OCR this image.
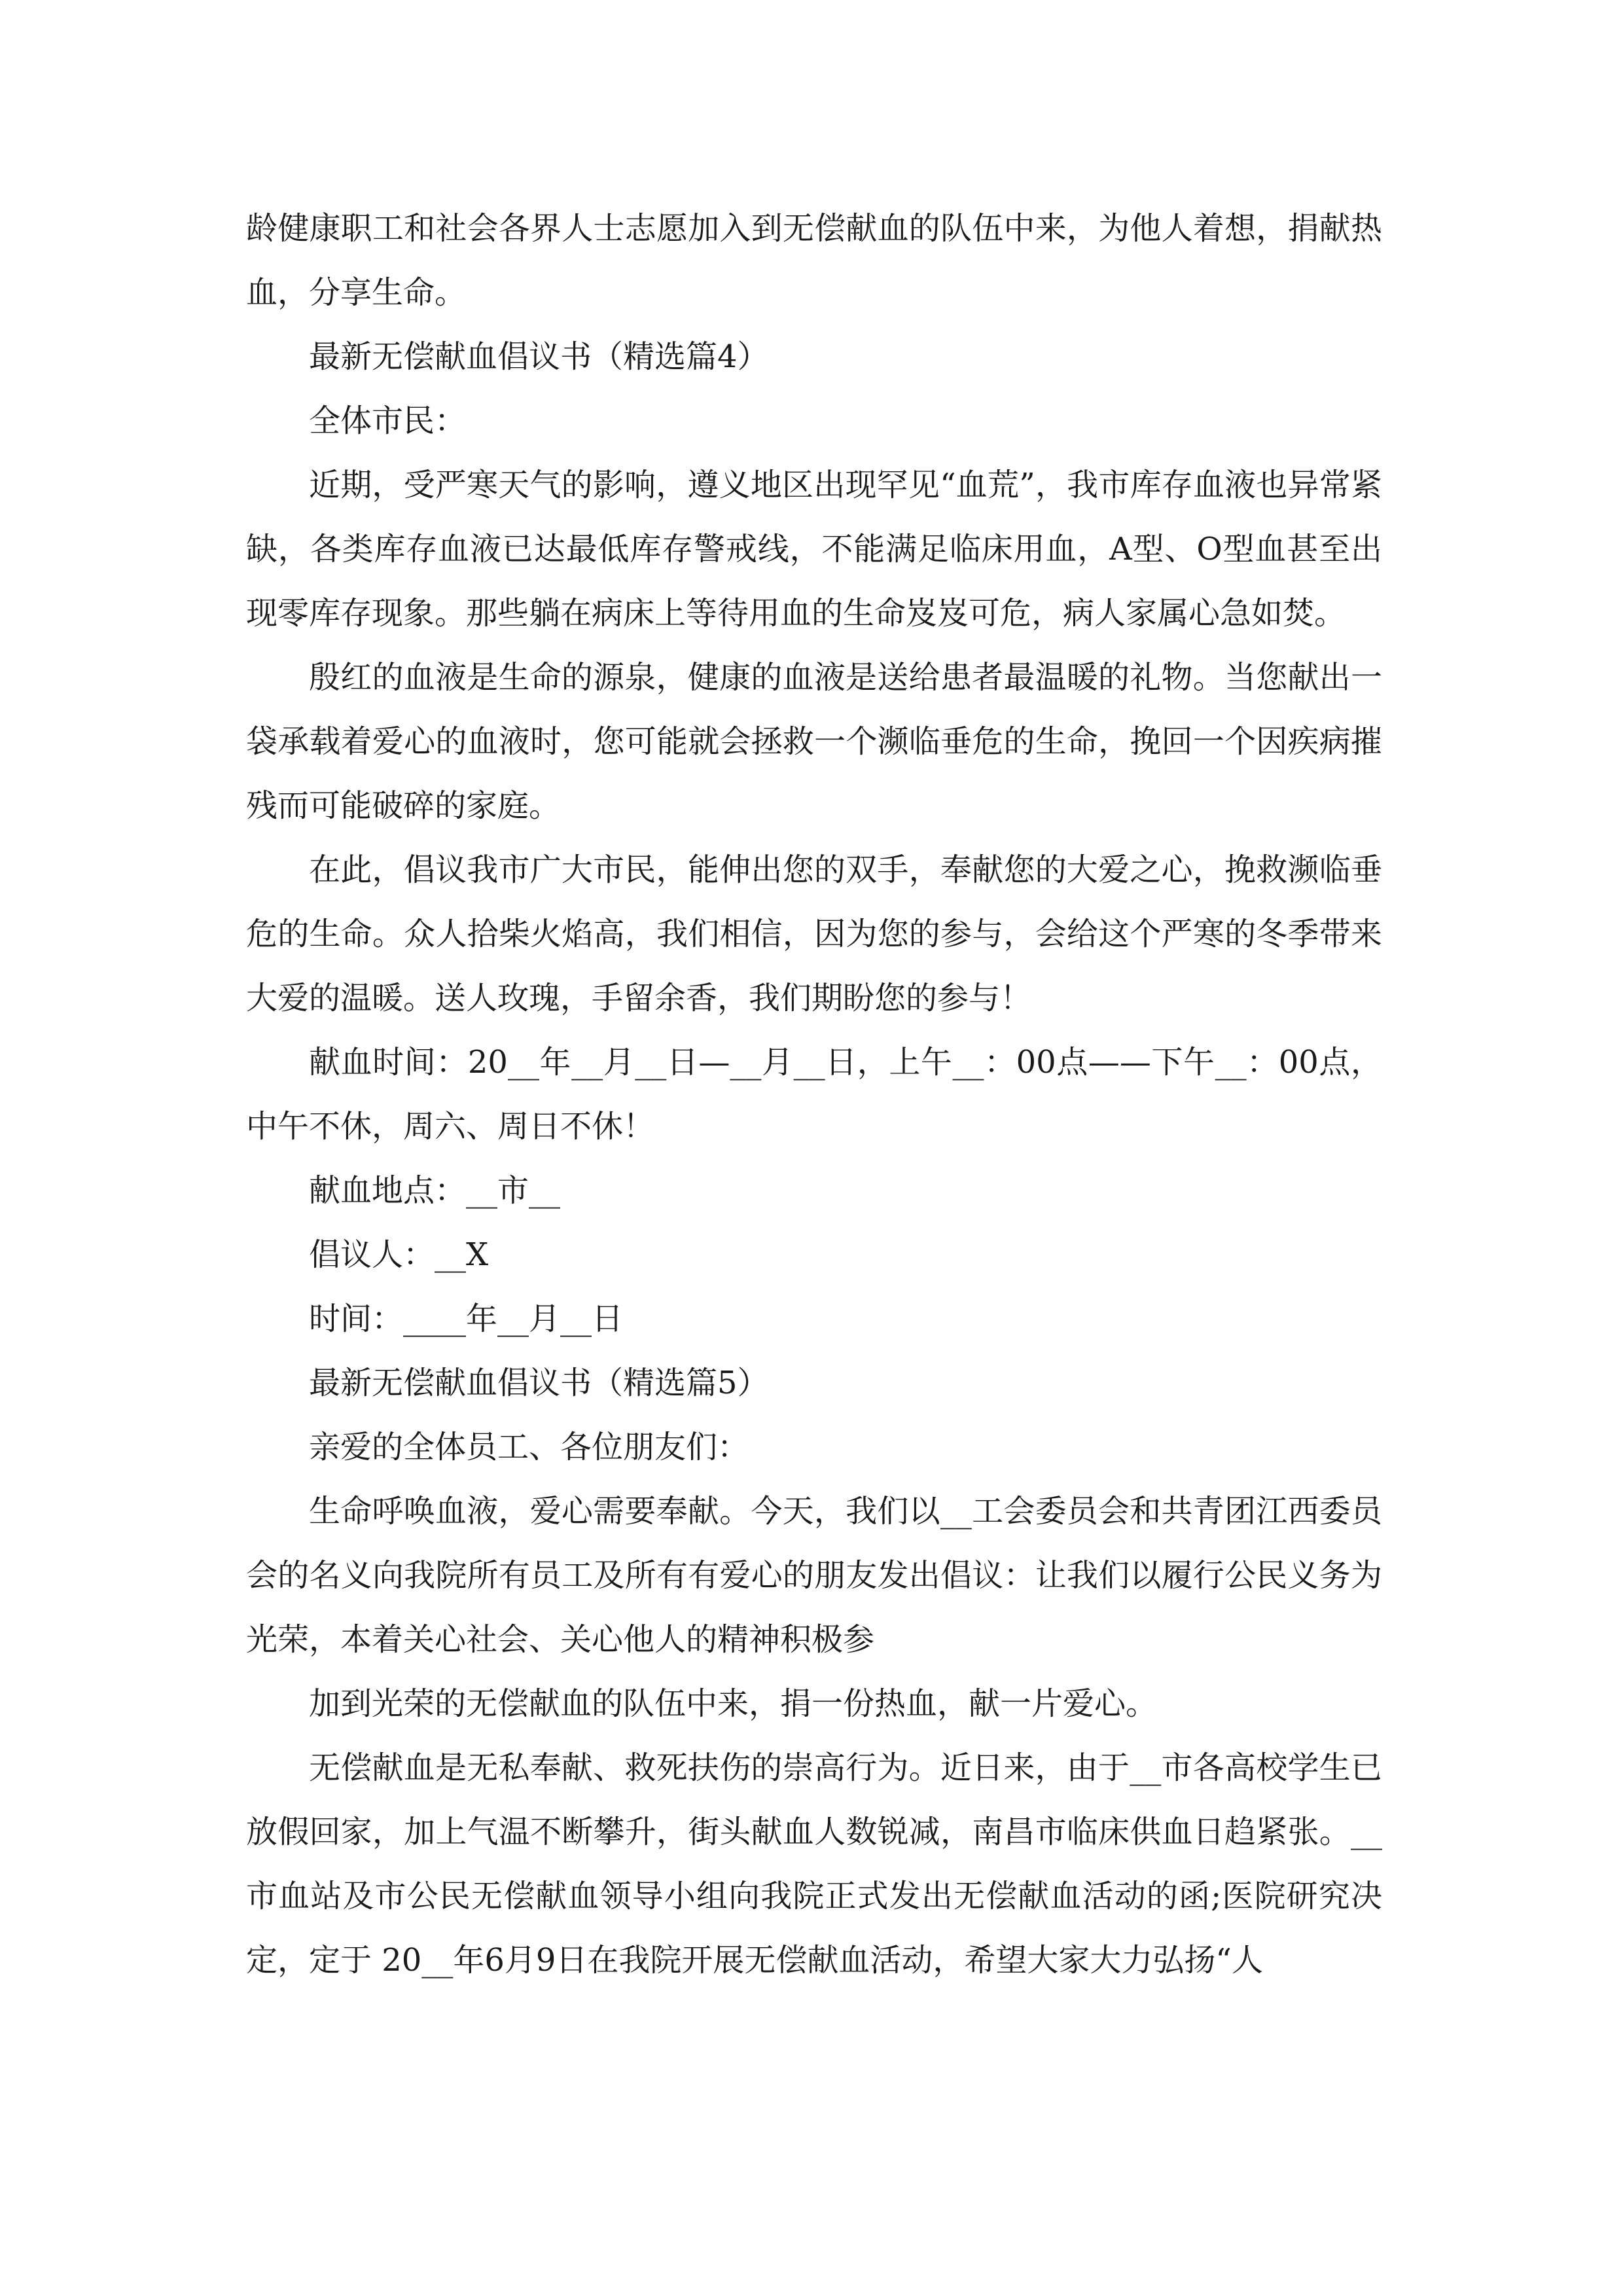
龄健康职工和社会各界人士志愿加入到无偿献血的队伍中来，为他人着想，捐献热血，分享生命。

最新无偿献血倡议书（精选篇4）

全体市民：

近期，受严寒天气的影响，遵义地区出现罕见“血荒”，我市库存血液也异常紧缺，各类库存血液已达最低库存警戒线，不能满足临床用血，A型、O型血甚至出现零库存现象。那些躺在病床上等待用血的生命岌岌可危，病人家属心急如焚。

殷红的血液是生命的源泉，健康的血液是送给患者最温暖的礼物。当您献出一袋承载着爱心的血液时，您可能就会拯救一个濒临垂危的生命，挽回一个因疾病摧残而可能破碎的家庭。

在此，倡议我市广大市民，能伸出您的双手，奉献您的大爱之心，挽救濒临垂危的生命。众人拾柴火焰高，我们相信，因为您的参与，会给这个严寒的冬季带来大爱的温暖。送人玫瑰，手留余香，我们期盼您的参与！

献血时间：20__年__月__日—__月__日，上午__：00点——下午__：00点，中午不休，周六、周日不休！

献血地点：__市__

倡议人：__X

时间：____年__月__日

最新无偿献血倡议书（精选篇5）

亲爱的全体员工、各位朋友们：

生命呼唤血液，爱心需要奉献。今天，我们以__工会委员会和共青团江西委员会的名义向我院所有员工及所有有爱心的朋友发出倡议：让我们以履行公民义务为光荣，本着关心社会、关心他人的精神积极参

加到光荣的无偿献血的队伍中来，捐一份热血，献一片爱心。

无偿献血是无私奉献、救死扶伤的崇高行为。近日来，由于__市各高校学生已放假回家，加上气温不断攀升，街头献血人数锐减，南昌市临床供血日趋紧张。__市血站及市公民无偿献血领导小组向我院正式发出无偿献血活动的函;医院研究决定，定于 20__年6月9日在我院开展无偿献血活动，希望大家大力弘扬“人
